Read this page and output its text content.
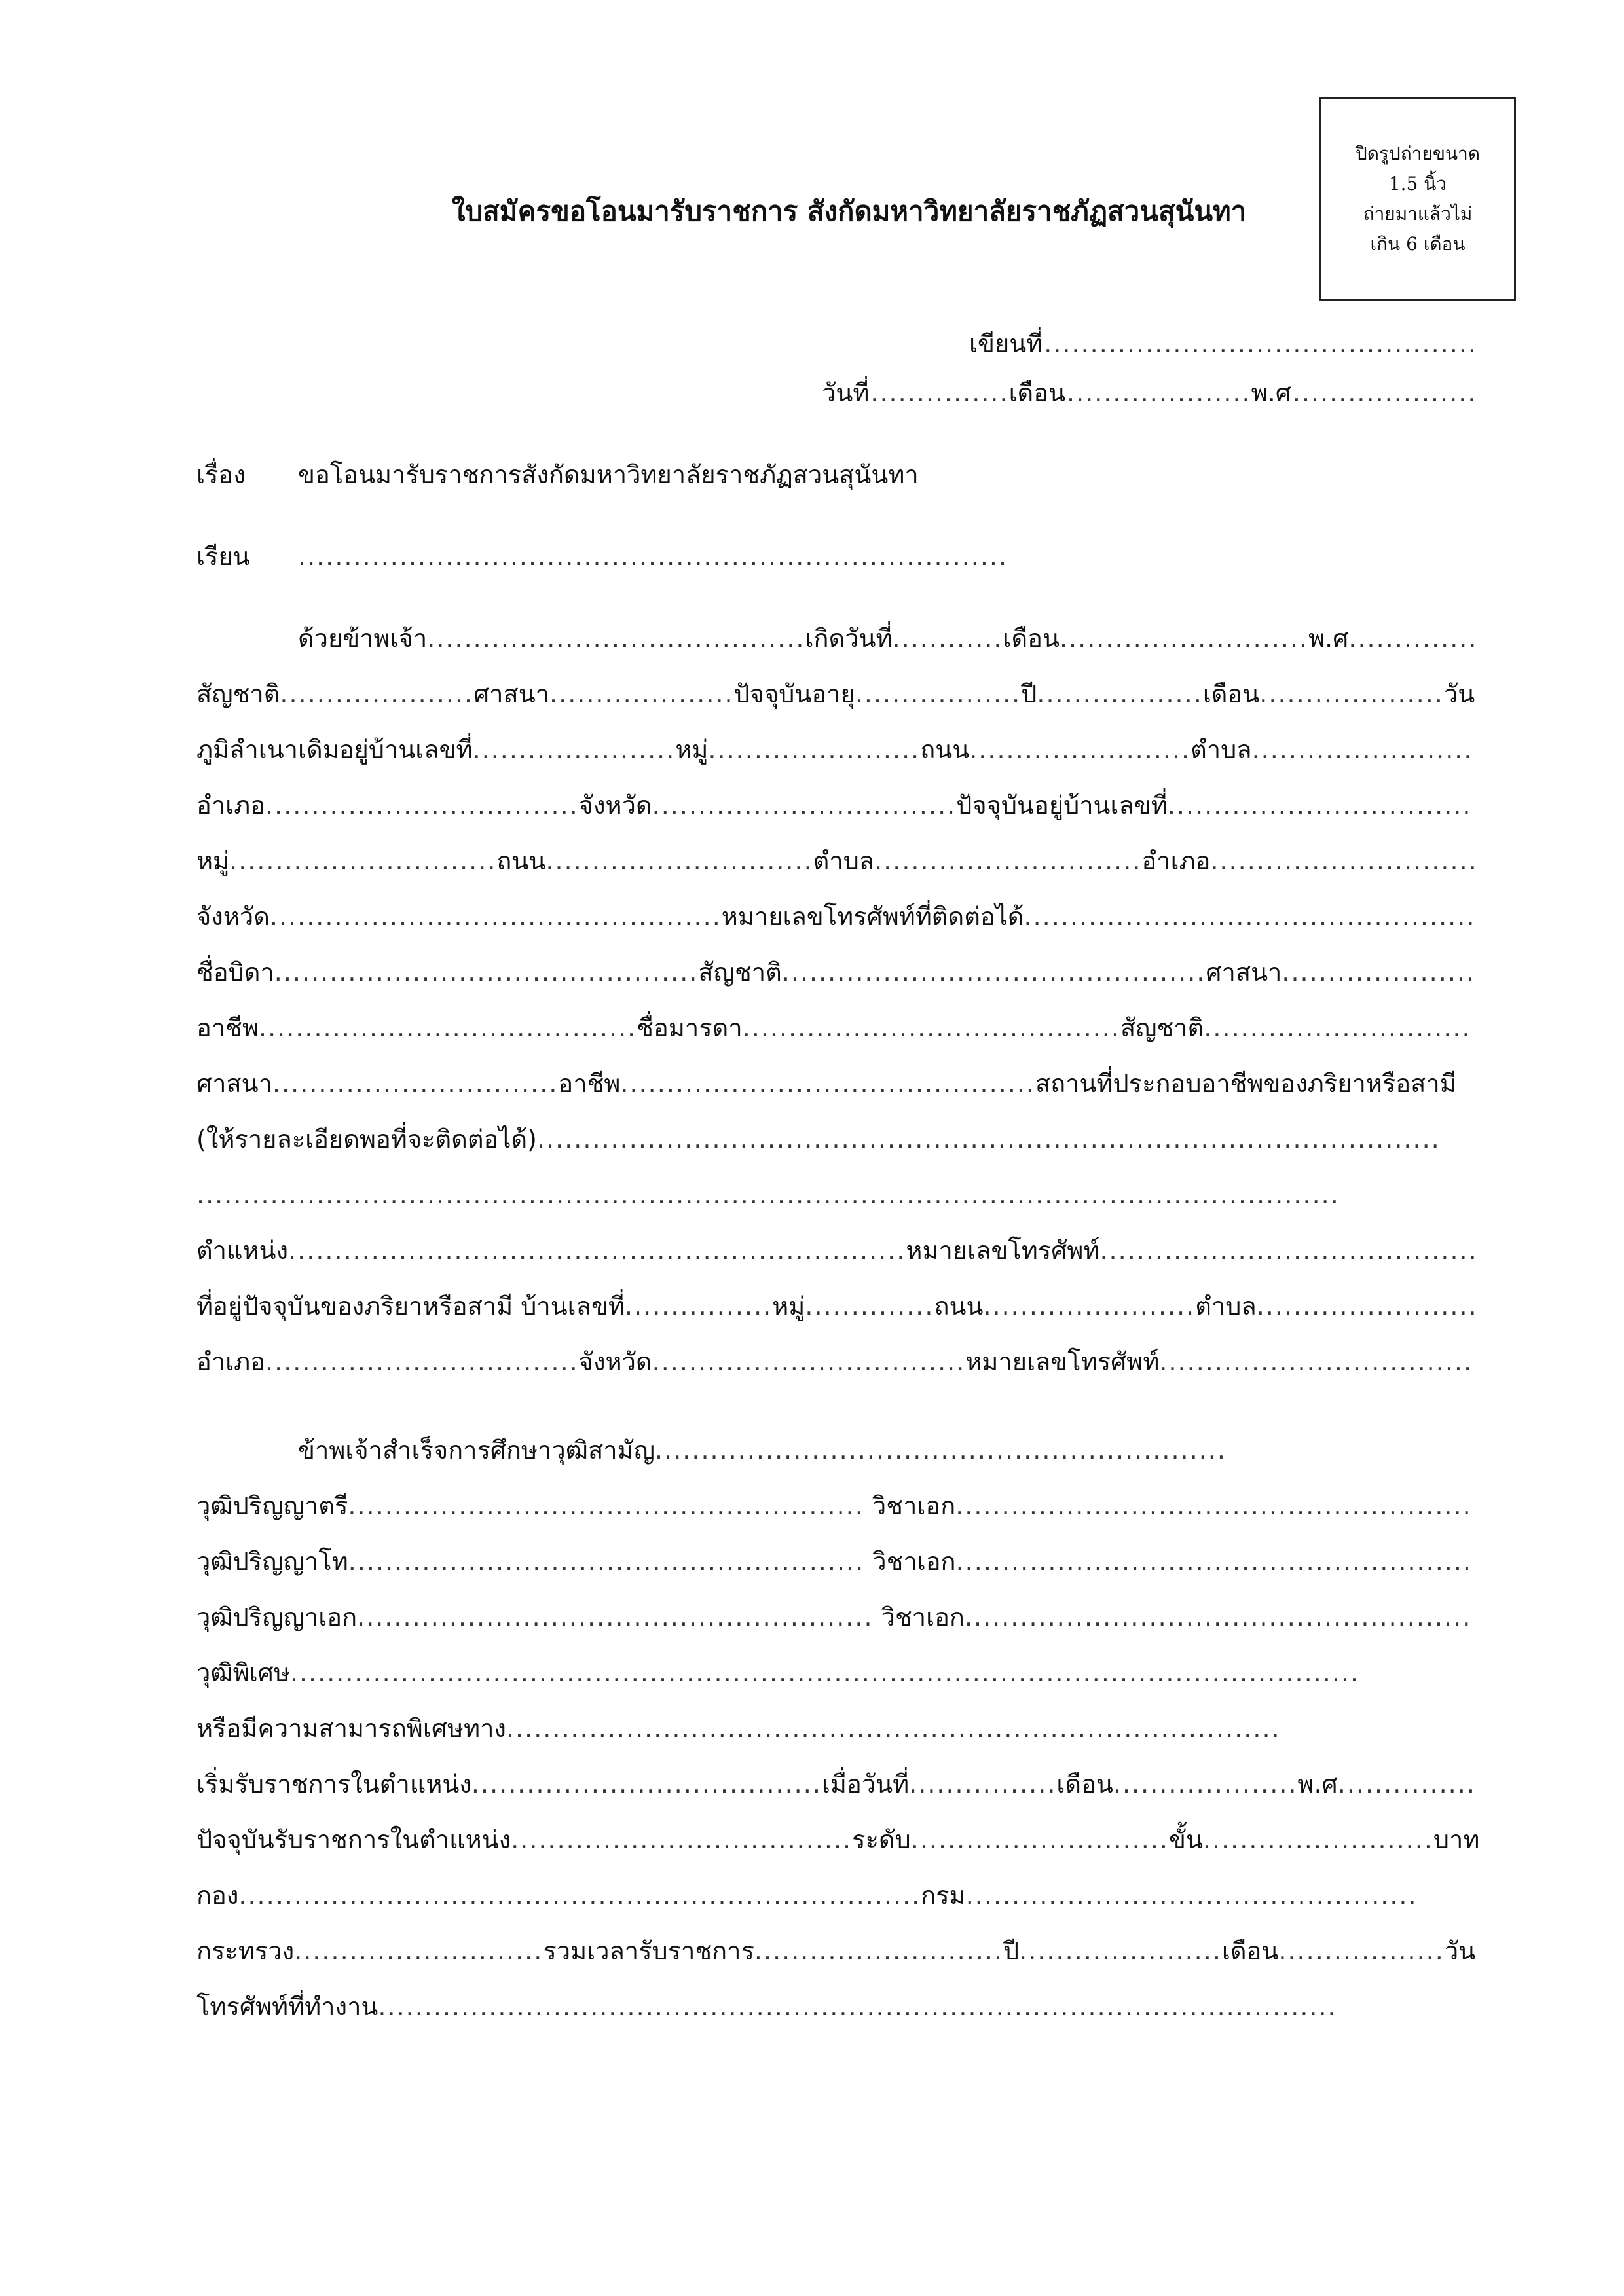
ปิดรูปถ่ายขนาด
1.5 นิ้ว
ถ่ายมาแล้วไม่
เกิน 6 เดือน
ใบสมัครขอโอนมารับราชการ สังกัดมหาวิทยาลัยราชภัฏสวนสุนันทา
เขียนที่...............................................
วันที่...............เดือน....................พ.ศ....................
เรื่อง ขอโอนมารับราชการสังกัดมหาวิทยาลัยราชภัฏสวนสุนันทา
เรียน .............................................................................
ด้วยข้าพเจ้า.........................................เกิดวันที่............เดือน...........................พ.ศ..............
สัญชาติ.....................ศาสนา....................ปัจจุบันอายุ..................ปี..................เดือน....................วัน
ภูมิลำเนาเดิมอยู่บ้านเลขที่......................หมู่.......................ถนน........................ตำบล........................
อำเภอ..................................จังหวัด.................................ปัจจุบันอยู่บ้านเลขที่.................................
หมู่.............................ถนน.............................ตำบล.............................อำเภอ.............................
จังหวัด.................................................หมายเลขโทรศัพท์ที่ติดต่อได้.................................................
ชื่อบิดา..............................................สัญชาติ..............................................ศาสนา.....................
อาชีพ.........................................ชื่อมารดา.........................................สัญชาติ.............................
ศาสนา...............................อาชีพ.............................................สถานที่ประกอบอาชีพของภริยาหรือสามี
(ให้รายละเอียดพอที่จะติดต่อได้)..................................................................................................
............................................................................................................................
ตำแหน่ง...................................................................หมายเลขโทรศัพท์.........................................
ที่อยู่ปัจจุบันของภริยาหรือสามี บ้านเลขที่................หมู่..............ถนน.......................ตำบล........................
อำเภอ..................................จังหวัด..................................หมายเลขโทรศัพท์..................................
ข้าพเจ้าสำเร็จการศึกษาวุฒิสามัญ..............................................................
วุฒิปริญญาตรี........................................................ วิชาเอก........................................................
วุฒิปริญญาโท........................................................ วิชาเอก........................................................
วุฒิปริญญาเอก........................................................ วิชาเอก.......................................................
วุฒิพิเศษ....................................................................................................................
หรือมีความสามารถพิเศษทาง....................................................................................
เริ่มรับราชการในตำแหน่ง......................................เมื่อวันที่................เดือน....................พ.ศ...............
ปัจจุบันรับราชการในตำแหน่ง.....................................ระดับ............................ขั้น.........................บาท
กอง..........................................................................กรม.................................................
กระทรวง...........................รวมเวลารับราชการ...........................ปี......................เดือน..................วัน
โทรศัพท์ที่ทำงาน........................................................................................................
